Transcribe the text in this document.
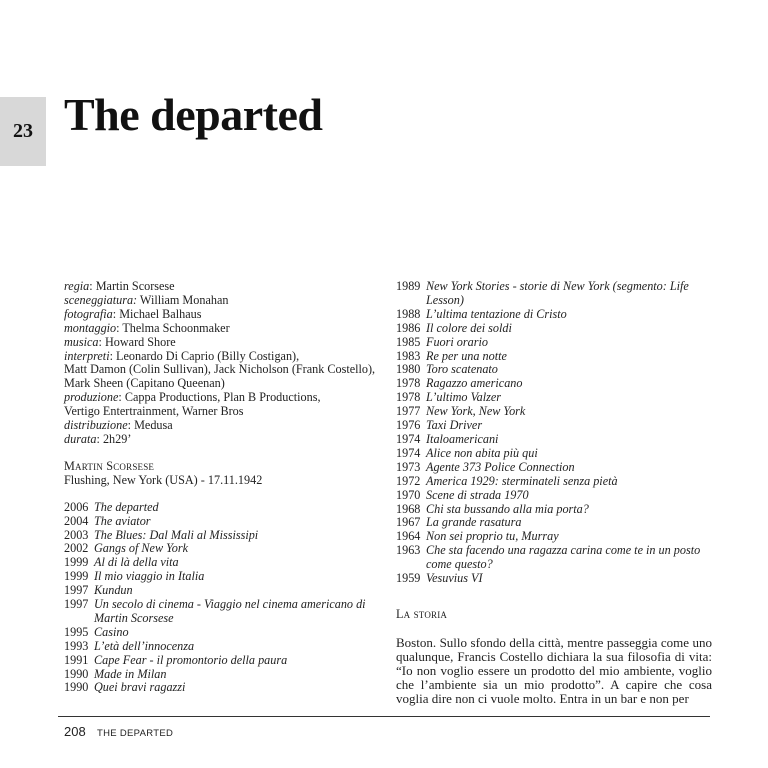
23 The departed
regia: Martin Scorsese
sceneggiatura: William Monahan
fotografia: Michael Balhaus
montaggio: Thelma Schoonmaker
musica: Howard Shore
interpreti: Leonardo Di Caprio (Billy Costigan),
Matt Damon (Colin Sullivan), Jack Nicholson (Frank Costello),
Mark Sheen (Capitano Queenan)
produzione: Cappa Productions, Plan B Productions,
Vertigo Entertrainment, Warner Bros
distribuzione: Medusa
durata: 2h29’
Martin Scorsese
Flushing, New York (USA) - 17.11.1942
2006 The departed
2004 The aviator
2003 The Blues: Dal Mali al Mississipi
2002 Gangs of New York
1999 Al di là della vita
1999 Il mio viaggio in Italia
1997 Kundun
1997 Un secolo di cinema - Viaggio nel cinema americano di Martin Scorsese
1995 Casino
1993 L’età dell’innocenza
1991 Cape Fear - il promontorio della paura
1990 Made in Milan
1990 Quei bravi ragazzi
1989 New York Stories - storie di New York (segmento: Life Lesson)
1988 L’ultima tentazione di Cristo
1986 Il colore dei soldi
1985 Fuori orario
1983 Re per una notte
1980 Toro scatenato
1978 Ragazzo americano
1978 L’ultimo Valzer
1977 New York, New York
1976 Taxi Driver
1974 Italoamericani
1974 Alice non abita più qui
1973 Agente 373 Police Connection
1972 America 1929: sterminateli senza pietà
1970 Scene di strada 1970
1968 Chi sta bussando alla mia porta?
1967 La grande rasatura
1964 Non sei proprio tu, Murray
1963 Che sta facendo una ragazza carina come te in un posto come questo?
1959 Vesuvius VI
La storia
Boston. Sullo sfondo della città, mentre passeggia come uno qualunque, Francis Costello dichiara la sua filosofia di vita: “Io non voglio essere un prodotto del mio ambiente, voglio che l’ambiente sia un mio prodotto”. A capire che cosa voglia dire non ci vuole molto. Entra in un bar e non per
208 THE DEPARTED
